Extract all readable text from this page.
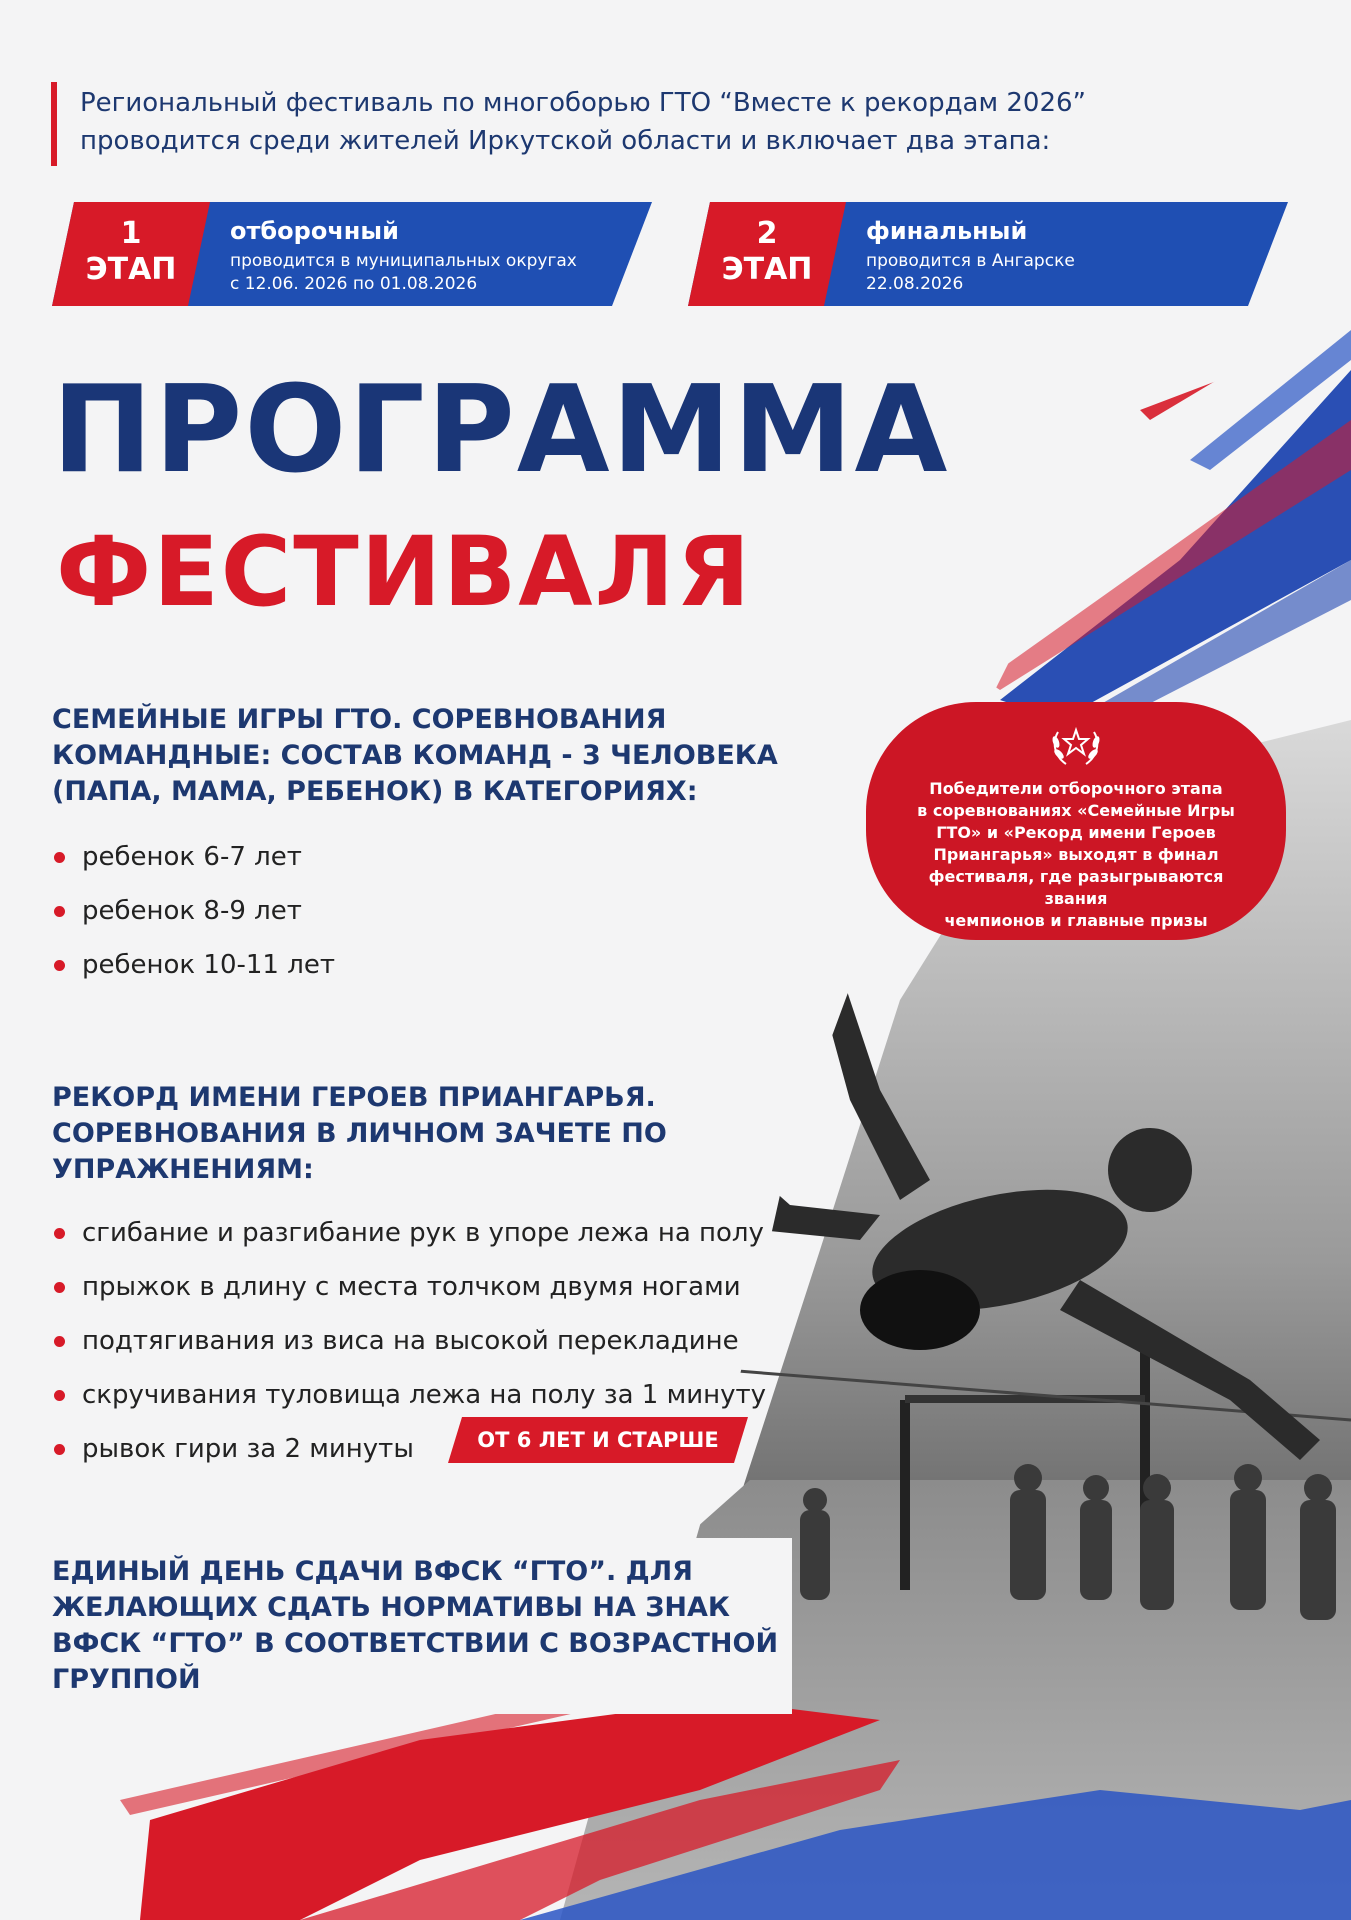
Региональный фестиваль по многоборью ГТО “Вместе к рекордам 2026”
проводится среди жителей Иркутской области и включает два этапа:

1
ЭТАП
отборочный
проводится в муниципальных округах
с 12.06. 2026 по 01.08.2026
2
ЭТАП
финальный
проводится в Ангарске
22.08.2026
ПРОГРАММА
ФЕСТИВАЛЯ
СЕМЕЙНЫЕ ИГРЫ ГТО. СОРЕВНОВАНИЯ
КОМАНДНЫЕ: СОСТАВ КОМАНД - 3 ЧЕЛОВЕКА
(ПАПА, МАМА, РЕБЕНОК) В КАТЕГОРИЯХ:
ребенок 6-7 лет
ребенок 8-9 лет
ребенок 10-11 лет
Победители отборочного этапа
в соревнованиях «Семейные Игры
ГТО» и «Рекорд имени Героев
Приангарья» выходят в финал
фестиваля, где разыгрываются звания
чемпионов и главные призы
РЕКОРД ИМЕНИ ГЕРОЕВ ПРИАНГАРЬЯ.
СОРЕВНОВАНИЯ В ЛИЧНОМ ЗАЧЕТЕ ПО
УПРАЖНЕНИЯМ:
сгибание и разгибание рук в упоре лежа на полу
прыжок в длину с места толчком двумя ногами
подтягивания из виса на высокой перекладине
скручивания туловища лежа на полу за 1 минуту
рывок гири за 2 минуты	ОТ 6 ЛЕТ И СТАРШЕ
ЕДИНЫЙ ДЕНЬ СДАЧИ ВФСК “ГТО”. ДЛЯ
ЖЕЛАЮЩИХ СДАТЬ НОРМАТИВЫ НА ЗНАК
ВФСК “ГТО” В СООТВЕТСТВИИ С ВОЗРАСТНОЙ
ГРУППОЙ
